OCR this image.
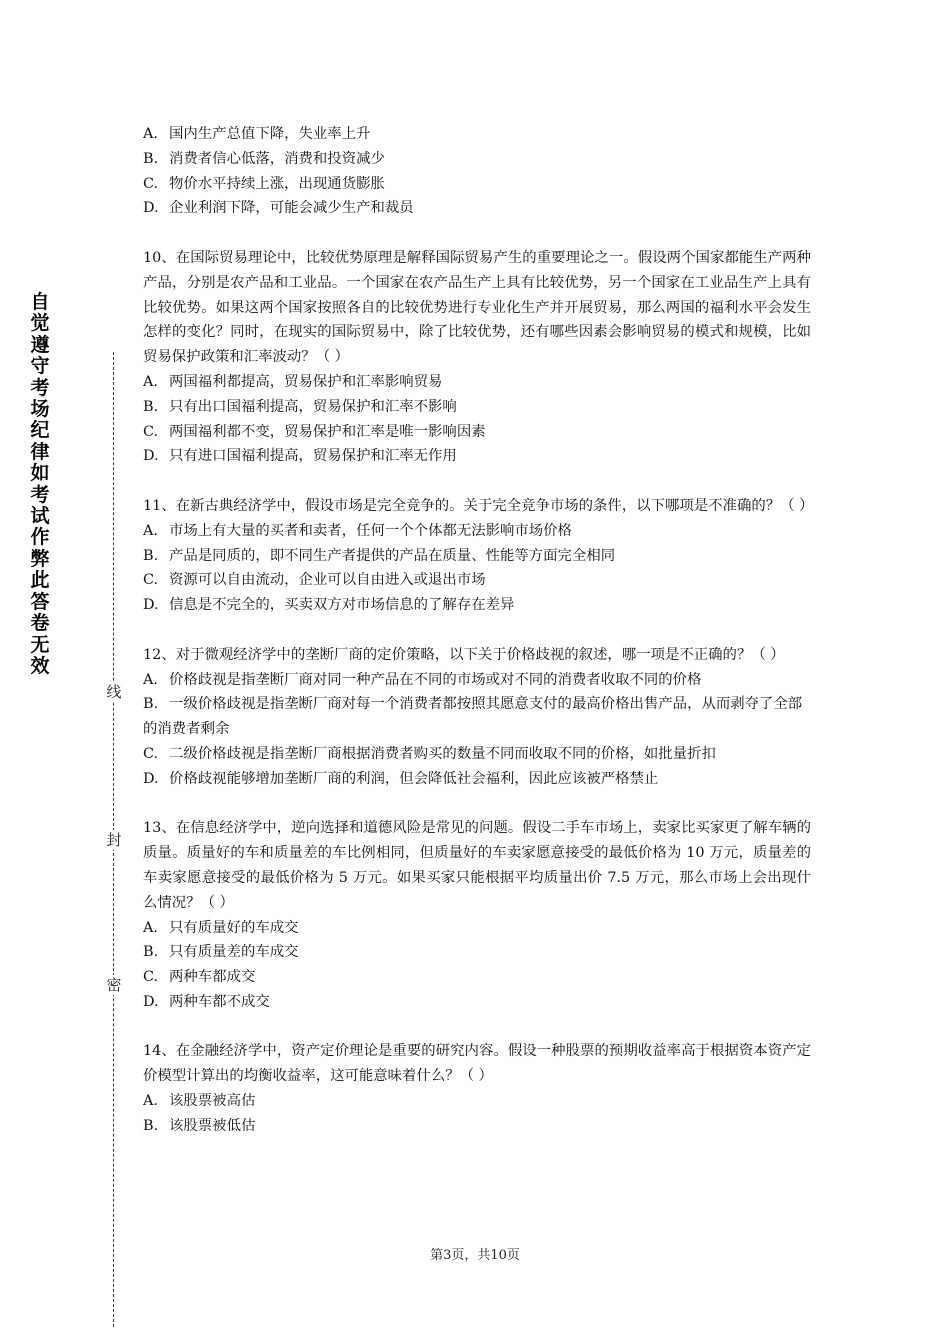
自觉遵守考场纪律如考试作弊此答卷无效
线
封
密

A. 国内生产总值下降，失业率上升

B. 消费者信心低落，消费和投资减少

C. 物价水平持续上涨，出现通货膨胀

D. 企业利润下降，可能会减少生产和裁员

10、在国际贸易理论中，比较优势原理是解释国际贸易产生的重要理论之一。假设两个国家都能生产两种产品，分别是农产品和工业品。一个国家在农产品生产上具有比较优势，另一个国家在工业品生产上具有比较优势。如果这两个国家按照各自的比较优势进行专业化生产并开展贸易，那么两国的福利水平会发生怎样的变化？同时，在现实的国际贸易中，除了比较优势，还有哪些因素会影响贸易的模式和规模，比如贸易保护政策和汇率波动？（ ）

A. 两国福利都提高，贸易保护和汇率影响贸易

B. 只有出口国福利提高，贸易保护和汇率不影响

C. 两国福利都不变，贸易保护和汇率是唯一影响因素

D. 只有进口国福利提高，贸易保护和汇率无作用

11、在新古典经济学中，假设市场是完全竞争的。关于完全竞争市场的条件，以下哪项是不准确的？（ ）

A. 市场上有大量的买者和卖者，任何一个个体都无法影响市场价格

B. 产品是同质的，即不同生产者提供的产品在质量、性能等方面完全相同

C. 资源可以自由流动，企业可以自由进入或退出市场

D. 信息是不完全的，买卖双方对市场信息的了解存在差异

12、对于微观经济学中的垄断厂商的定价策略，以下关于价格歧视的叙述，哪一项是不正确的？（ ）

A. 价格歧视是指垄断厂商对同一种产品在不同的市场或对不同的消费者收取不同的价格

B. 一级价格歧视是指垄断厂商对每一个消费者都按照其愿意支付的最高价格出售产品，从而剥夺了全部的消费者剩余

C. 二级价格歧视是指垄断厂商根据消费者购买的数量不同而收取不同的价格，如批量折扣

D. 价格歧视能够增加垄断厂商的利润，但会降低社会福利，因此应该被严格禁止

13、在信息经济学中，逆向选择和道德风险是常见的问题。假设二手车市场上，卖家比买家更了解车辆的质量。质量好的车和质量差的车比例相同，但质量好的车卖家愿意接受的最低价格为 10 万元，质量差的车卖家愿意接受的最低价格为 5 万元。如果买家只能根据平均质量出价 7.5 万元，那么市场上会出现什么情况？（ ）

A. 只有质量好的车成交

B. 只有质量差的车成交

C. 两种车都成交

D. 两种车都不成交

14、在金融经济学中，资产定价理论是重要的研究内容。假设一种股票的预期收益率高于根据资本资产定价模型计算出的均衡收益率，这可能意味着什么？（ ）

A. 该股票被高估

B. 该股票被低估

第3页，共10页
